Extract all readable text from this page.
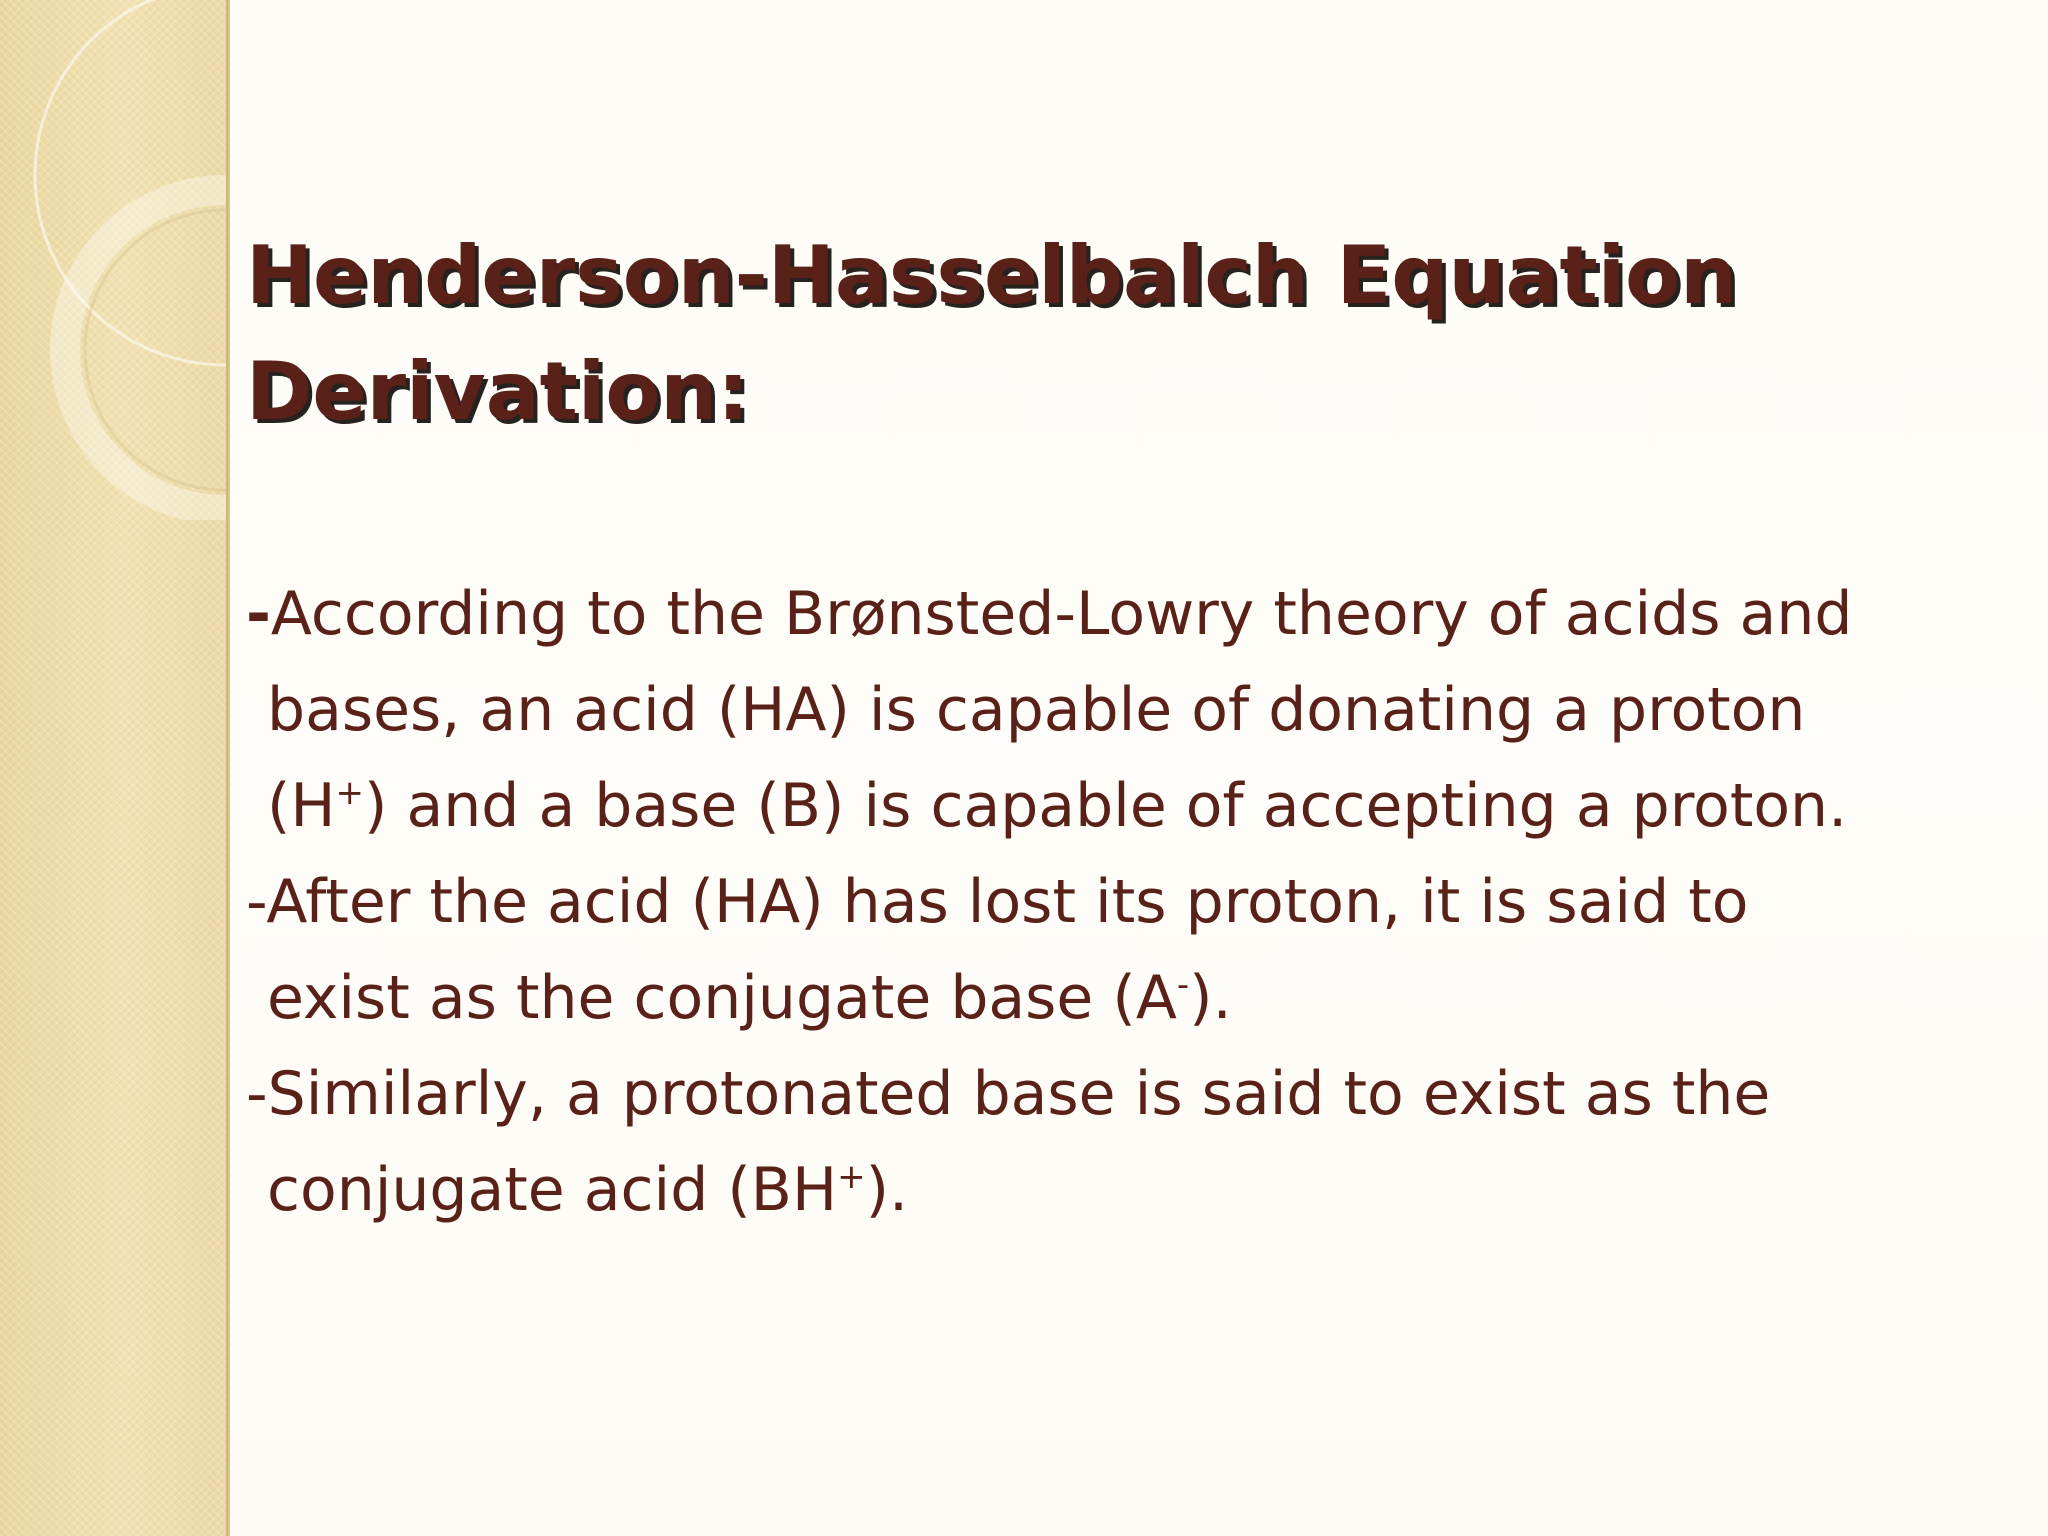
Henderson-Hasselbalch Equation
Derivation:

-According to the Brønsted-Lowry theory of acids and
bases, an acid (HA) is capable of donating a proton
(H+) and a base (B) is capable of accepting a proton.

-After the acid (HA) has lost its proton, it is said to
exist as the conjugate base (A-).

-Similarly, a protonated base is said to exist as the
conjugate acid (BH+).
